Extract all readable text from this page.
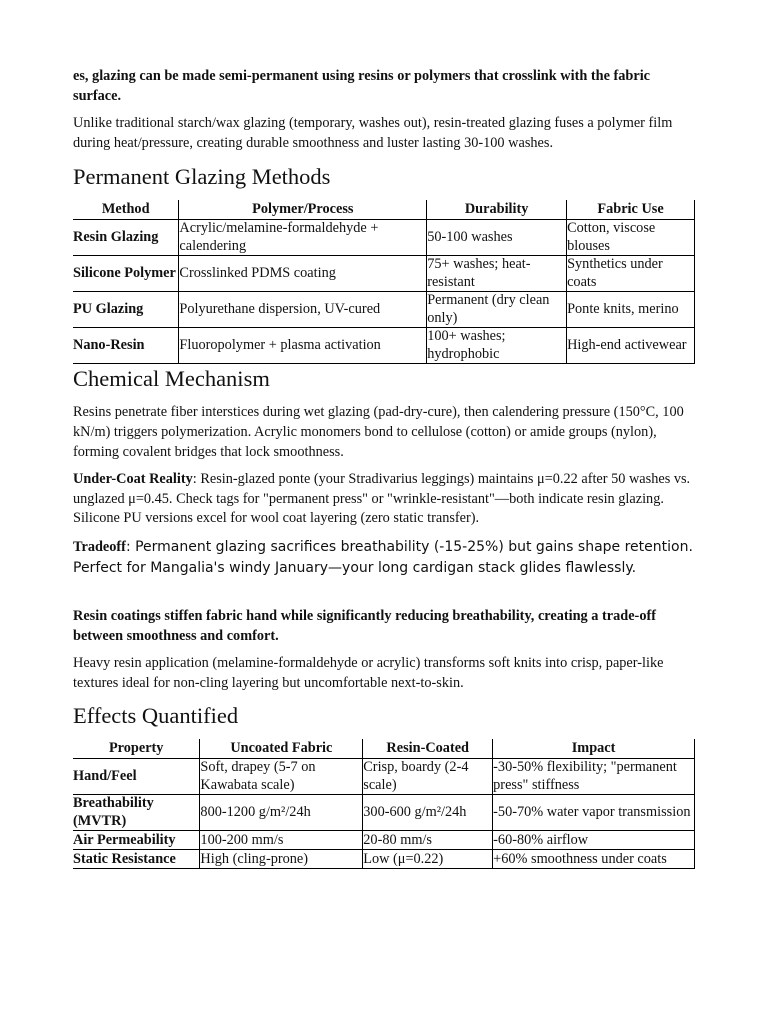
es, glazing can be made semi-permanent using resins or polymers that crosslink with the fabric surface.

Unlike traditional starch/wax glazing (temporary, washes out), resin-treated glazing fuses a polymer film during heat/pressure, creating durable smoothness and luster lasting 30-100 washes.

Permanent Glazing Methods
Method	Polymer/Process	Durability	Fabric Use
Resin Glazing	Acrylic/melamine-formaldehyde + calendering	50-100 washes	Cotton, viscose blouses
Silicone Polymer	Crosslinked PDMS coating	75+ washes; heat-resistant	Synthetics under coats
PU Glazing	Polyurethane dispersion, UV-cured	Permanent (dry clean only)	Ponte knits, merino
Nano-Resin	Fluoropolymer + plasma activation	100+ washes; hydrophobic	High-end activewear
Chemical Mechanism

Resins penetrate fiber interstices during wet glazing (pad-dry-cure), then calendering pressure (150°C, 100 kN/m) triggers polymerization. Acrylic monomers bond to cellulose (cotton) or amide groups (nylon), forming covalent bridges that lock smoothness.

Under-Coat Reality: Resin-glazed ponte (your Stradivarius leggings) maintains μ=0.22 after 50 washes vs. unglazed μ=0.45. Check tags for "permanent press" or "wrinkle-resistant"—both indicate resin glazing. Silicone PU versions excel for wool coat layering (zero static transfer).

Tradeoff: Permanent glazing sacrifices breathability (-15-25%) but gains shape retention. Perfect for Mangalia's windy January—your long cardigan stack glides flawlessly.

Resin coatings stiffen fabric hand while significantly reducing breathability, creating a trade-off between smoothness and comfort.

Heavy resin application (melamine-formaldehyde or acrylic) transforms soft knits into crisp, paper-like textures ideal for non-cling layering but uncomfortable next-to-skin.

Effects Quantified
Property	Uncoated Fabric	Resin-Coated	Impact
Hand/Feel	Soft, drapey (5-7 on Kawabata scale)	Crisp, boardy (2-4 scale)	-30-50% flexibility; "permanent press" stiffness
Breathability (MVTR)	800-1200 g/m²/24h	300-600 g/m²/24h	-50-70% water vapor transmission
Air Permeability	100-200 mm/s	20-80 mm/s	-60-80% airflow
Static Resistance	High (cling-prone)	Low (μ=0.22)	+60% smoothness under coats
